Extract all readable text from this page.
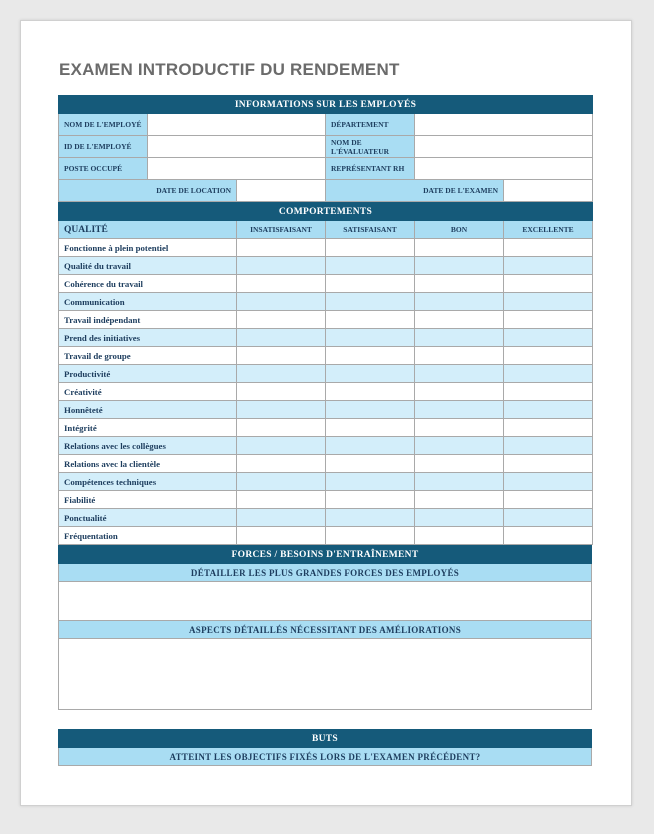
EXAMEN INTRODUCTIF DU RENDEMENT
INFORMATIONS SUR LES EMPLOYÉS					
NOM DE L'EMPLOYÉ			DÉPARTEMENT		
ID DE L'EMPLOYÉ			NOM DE L'ÉVALUATEUR		
POSTE OCCUPÉ			REPRÉSENTANT RH		
DATE DE LOCATION			DATE DE L'EXAMEN		
COMPORTEMENTS				
QUALITÉ	INSATISFAISANT	SATISFAISANT	BON	EXCELLENTE
Fonctionne à plein potentiel				
Qualité du travail				
Cohérence du travail				
Communication				
Travail indépendant				
Prend des initiatives				
Travail de groupe				
Productivité				
Créativité				
Honnêteté				
Intégrité				
Relations avec les collègues				
Relations avec la clientèle				
Compétences techniques				
Fiabilité				
Ponctualité				
Fréquentation				
FORCES / BESOINS D'ENTRAÎNEMENT
DÉTAILLER LES PLUS GRANDES FORCES DES EMPLOYÉS

ASPECTS DÉTAILLÉS NÉCESSITANT DES AMÉLIORATIONS

BUTS
ATTEINT LES OBJECTIFS FIXÉS LORS DE L'EXAMEN PRÉCÉDENT?
